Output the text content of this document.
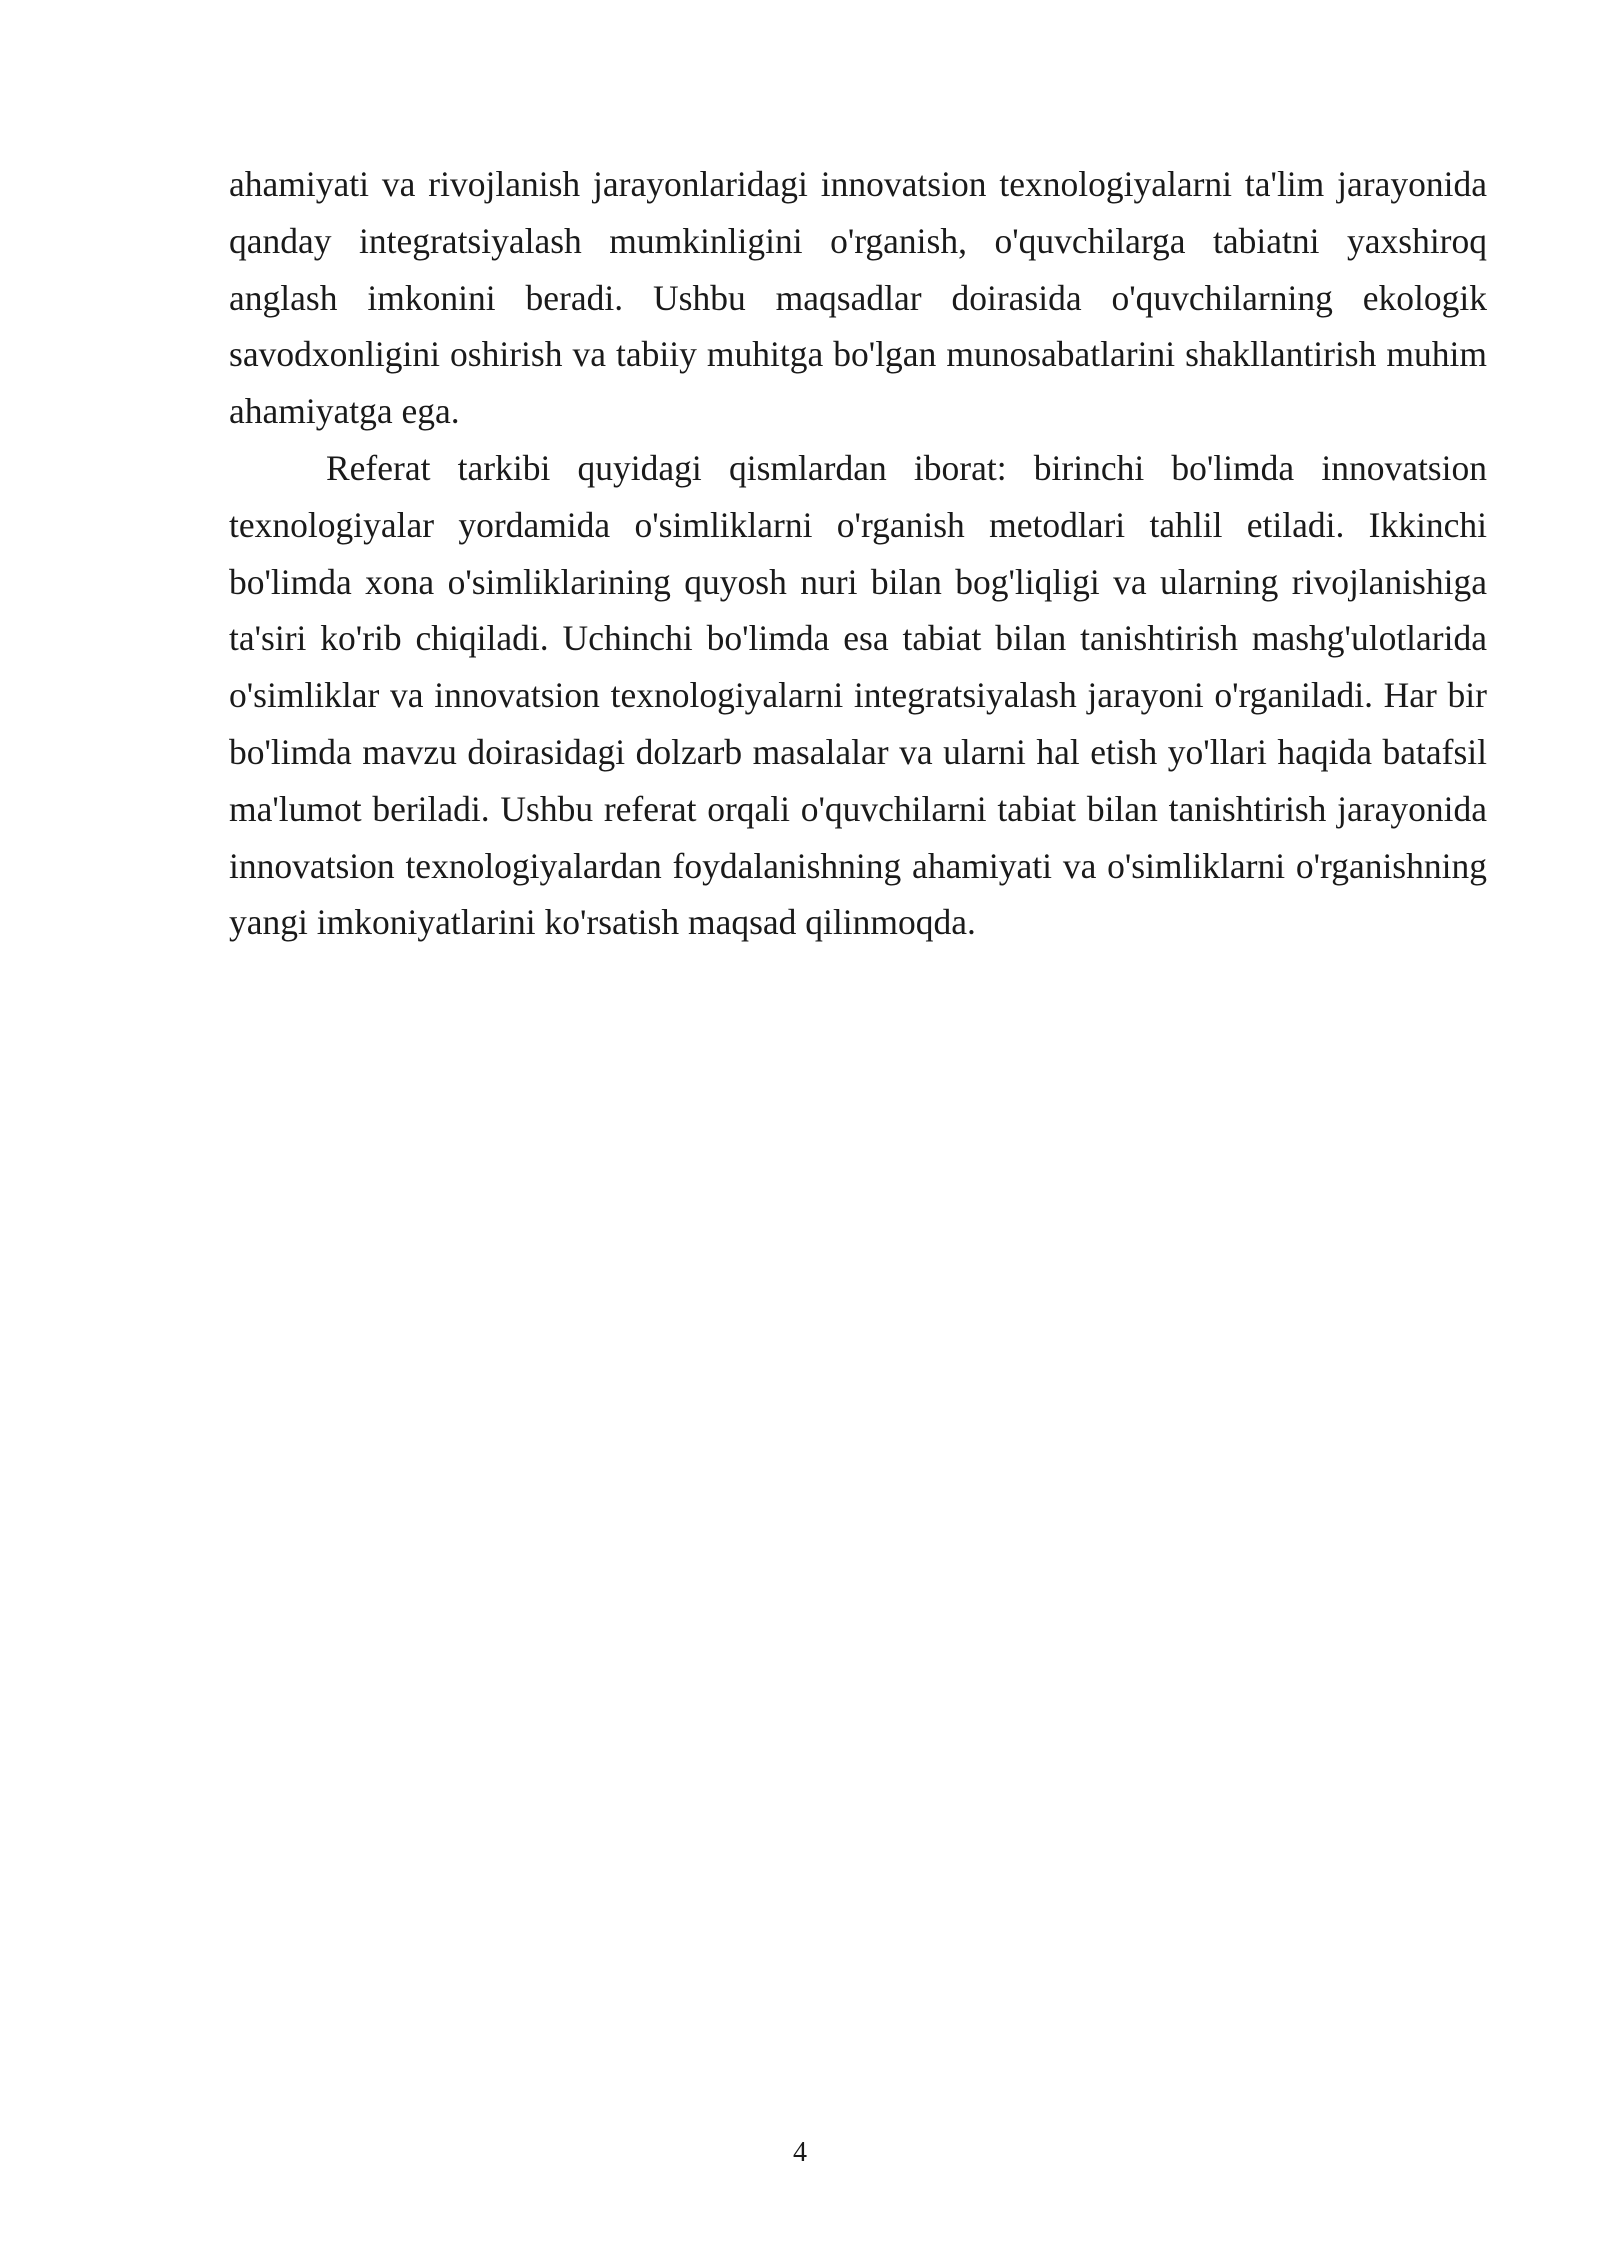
ahamiyati va rivojlanish jarayonlaridagi innovatsion texnologiyalarni ta'lim jarayonida qanday integratsiyalash mumkinligini o'rganish, o'quvchilarga tabiatni yaxshiroq anglash imkonini beradi. Ushbu maqsadlar doirasida o'quvchilarning ekologik savodxonligini oshirish va tabiiy muhitga bo'lgan munosabatlarini shakllantirish muhim ahamiyatga ega.

Referat tarkibi quyidagi qismlardan iborat: birinchi bo'limda innovatsion texnologiyalar yordamida o'simliklarni o'rganish metodlari tahlil etiladi. Ikkinchi bo'limda xona o'simliklarining quyosh nuri bilan bog'liqligi va ularning rivojlanishiga ta'siri ko'rib chiqiladi. Uchinchi bo'limda esa tabiat bilan tanishtirish mashg'ulotlarida o'simliklar va innovatsion texnologiyalarni integratsiyalash jarayoni o'rganiladi. Har bir bo'limda mavzu doirasidagi dolzarb masalalar va ularni hal etish yo'llari haqida batafsil ma'lumot beriladi. Ushbu referat orqali o'quvchilarni tabiat bilan tanishtirish jarayonida innovatsion texnologiyalardan foydalanishning ahamiyati va o'simliklarni o'rganishning yangi imkoniyatlarini ko'rsatish maqsad qilinmoqda.

4
